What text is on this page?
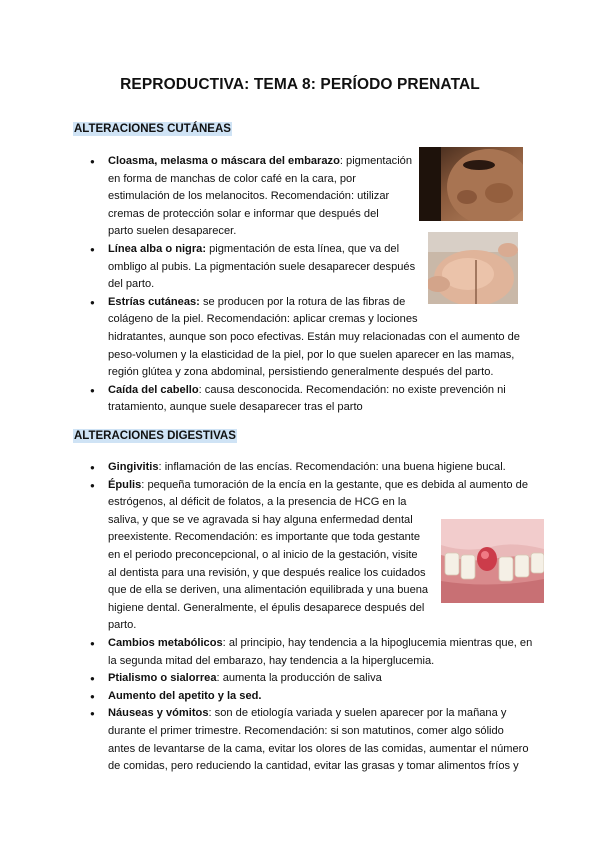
REPRODUCTIVA: TEMA 8: PERÍODO PRENATAL
ALTERACIONES CUTÁNEAS
● Cloasma, melasma o máscara del embarazo: pigmentación
en forma de manchas de color café en la cara, por
estimulación de los melanocitos. Recomendación: utilizar
cremas de protección solar e informar que después del
parto suelen desaparecer.
● Línea alba o nigra: pigmentación de esta línea, que va del
ombligo al pubis. La pigmentación suele desaparecer después
del parto.
● Estrías cutáneas: se producen por la rotura de las fibras de
colágeno de la piel. Recomendación: aplicar cremas y lociones
hidratantes, aunque son poco efectivas. Están muy relacionadas con el aumento de
peso-volumen y la elasticidad de la piel, por lo que suelen aparecer en las mamas,
región glútea y zona abdominal, persistiendo generalmente después del parto.
● Caída del cabello: causa desconocida. Recomendación: no existe prevención ni
tratamiento, aunque suele desaparecer tras el parto
ALTERACIONES DIGESTIVAS
● Gingivitis: inflamación de las encías. Recomendación: una buena higiene bucal.
● Épulis: pequeña tumoración de la encía en la gestante, que es debida al aumento de
estrógenos, al déficit de folatos, a la presencia de HCG en la
saliva, y que se ve agravada si hay alguna enfermedad dental
preexistente. Recomendación: es importante que toda gestante
en el periodo preconcepcional, o al inicio de la gestación, visite
al dentista para una revisión, y que después realice los cuidados
que de ella se deriven, una alimentación equilibrada y una buena
higiene dental. Generalmente, el épulis desaparece después del
parto.
● Cambios metabólicos: al principio, hay tendencia a la hipoglucemia mientras que, en
la segunda mitad del embarazo, hay tendencia a la hiperglucemia.
● Ptialismo o sialorrea: aumenta la producción de saliva
● Aumento del apetito y la sed.
● Náuseas y vómitos: son de etiología variada y suelen aparecer por la mañana y
durante el primer trimestre. Recomendación: si son matutinos, comer algo sólido
antes de levantarse de la cama, evitar los olores de las comidas, aumentar el número
de comidas, pero reduciendo la cantidad, evitar las grasas y tomar alimentos fríos y
